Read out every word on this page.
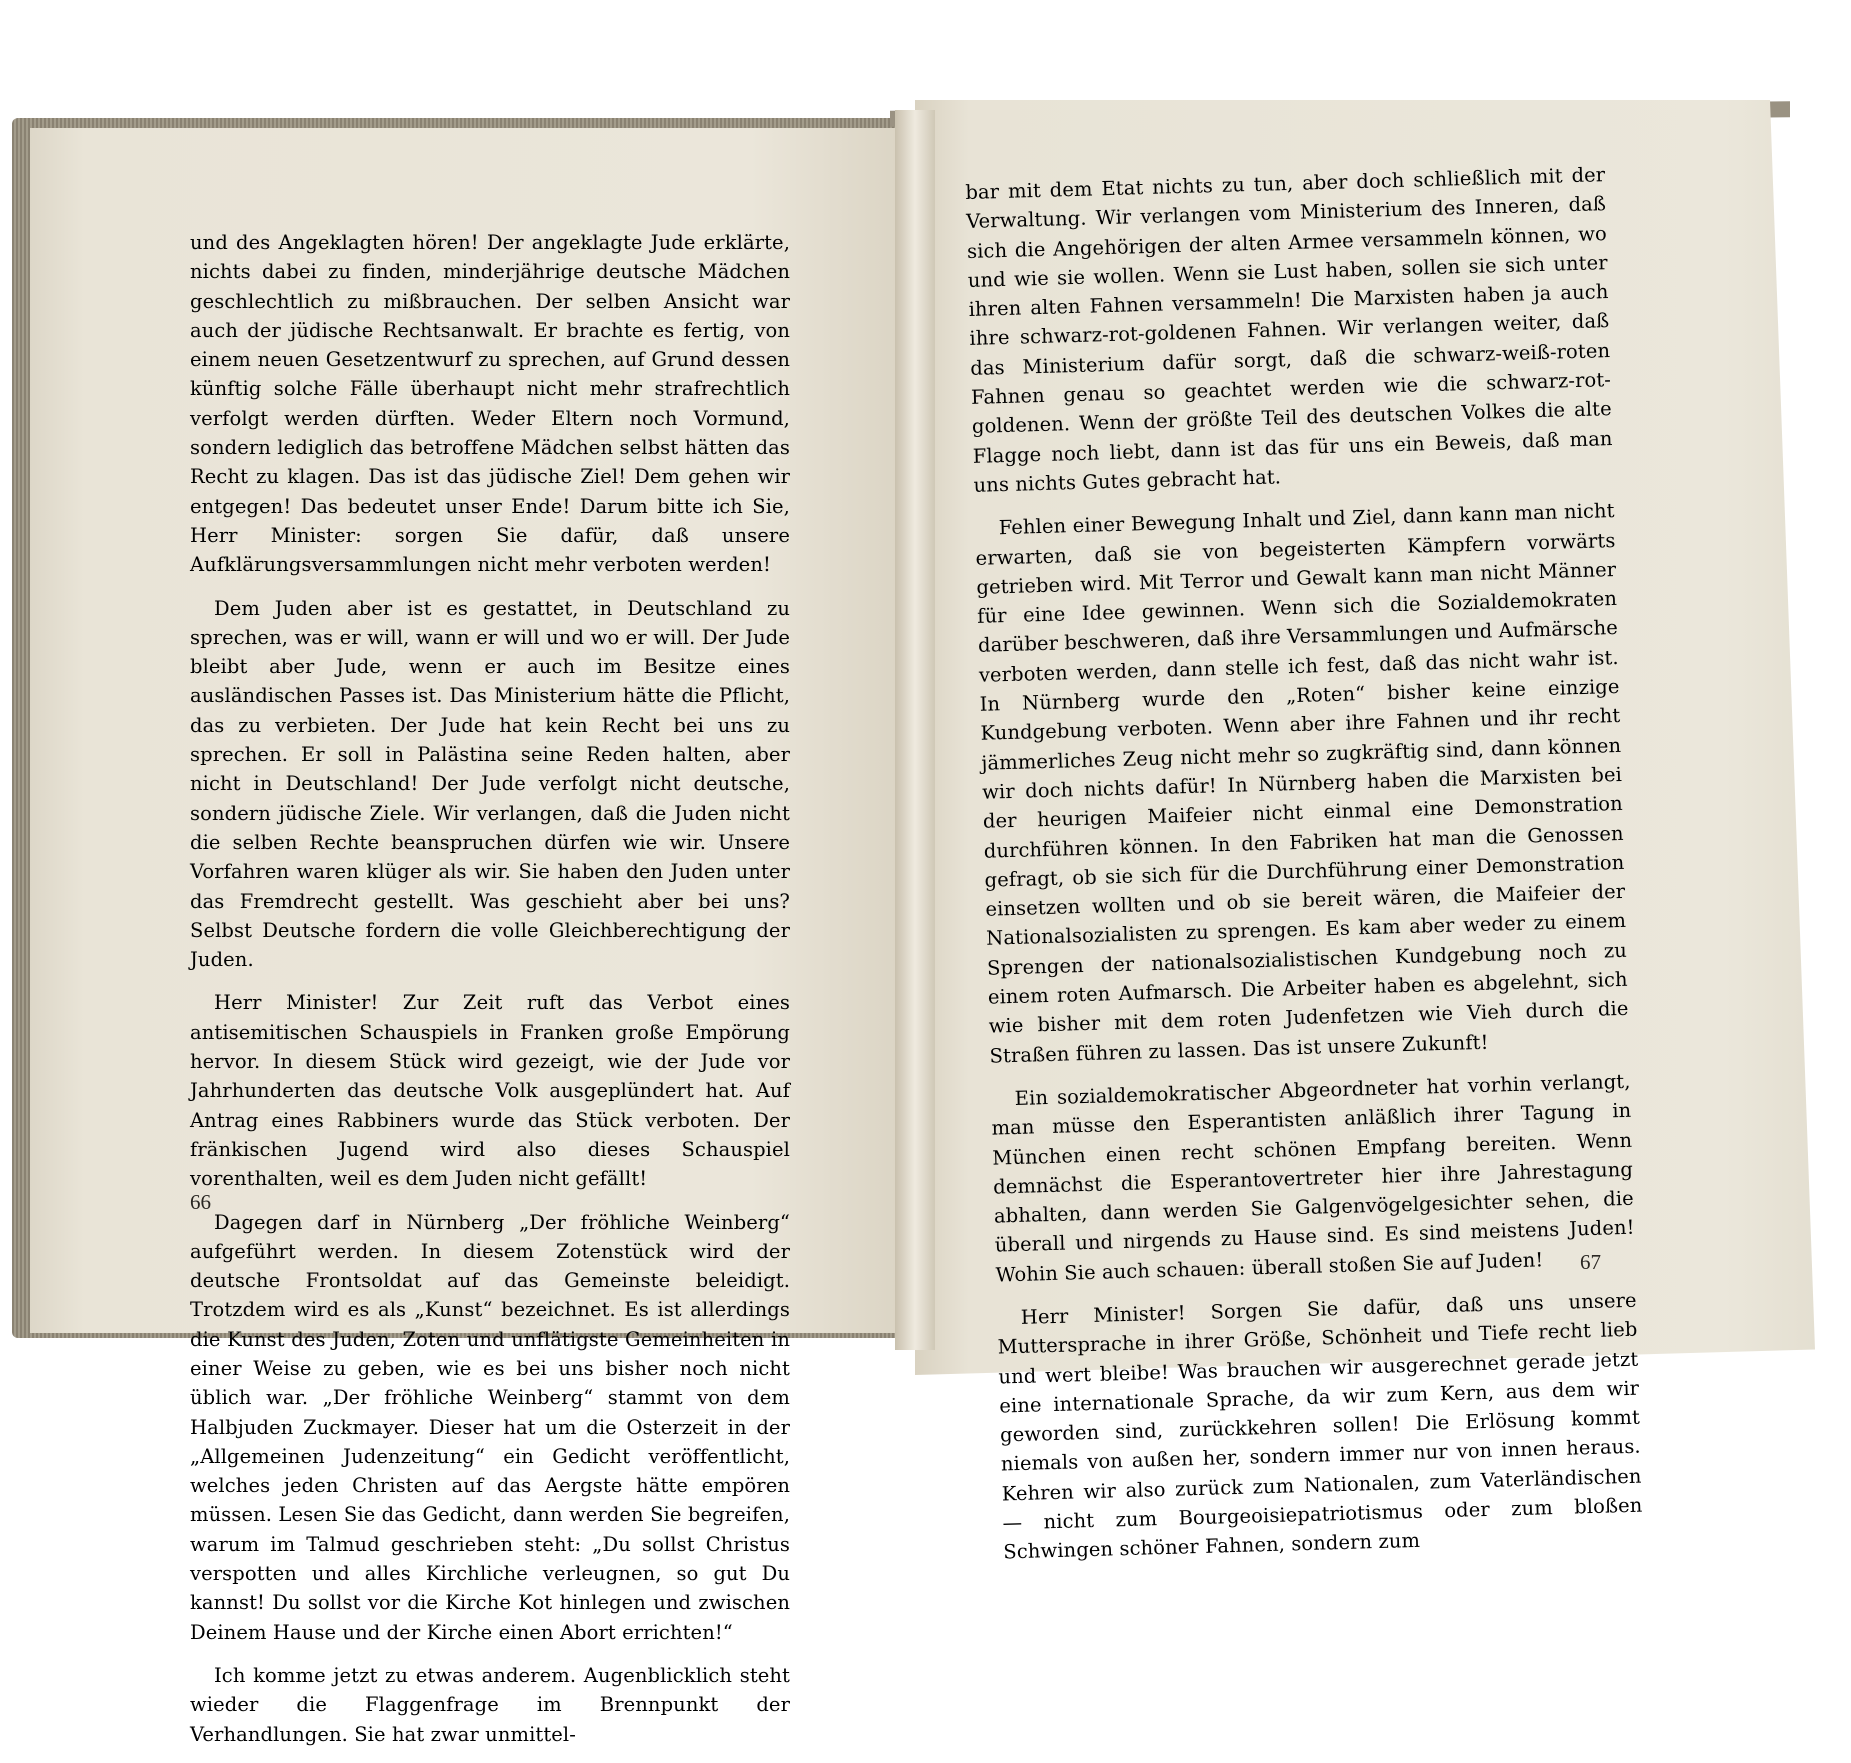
und des Angeklagten hören! Der angeklagte Jude erklärte, nichts dabei zu finden, minderjährige deutsche Mädchen geschlechtlich zu mißbrauchen. Der selben Ansicht war auch der jüdische Rechtsanwalt. Er brachte es fertig, von einem neuen Gesetzentwurf zu sprechen, auf Grund dessen künftig solche Fälle überhaupt nicht mehr strafrechtlich verfolgt werden dürften. Weder Eltern noch Vormund, sondern lediglich das betroffene Mädchen selbst hätten das Recht zu klagen. Das ist das jüdische Ziel! Dem gehen wir entgegen! Das bedeutet unser Ende! Darum bitte ich Sie, Herr Minister: sorgen Sie dafür, daß unsere Aufklärungsversammlungen nicht mehr verboten werden!

Dem Juden aber ist es gestattet, in Deutschland zu sprechen, was er will, wann er will und wo er will. Der Jude bleibt aber Jude, wenn er auch im Besitze eines ausländischen Passes ist. Das Ministerium hätte die Pflicht, das zu verbieten. Der Jude hat kein Recht bei uns zu sprechen. Er soll in Palästina seine Reden halten, aber nicht in Deutschland! Der Jude verfolgt nicht deutsche, sondern jüdische Ziele. Wir verlangen, daß die Juden nicht die selben Rechte beanspruchen dürfen wie wir. Unsere Vorfahren waren klüger als wir. Sie haben den Juden unter das Fremdrecht gestellt. Was geschieht aber bei uns? Selbst Deutsche fordern die volle Gleichberechtigung der Juden.

Herr Minister! Zur Zeit ruft das Verbot eines antisemitischen Schauspiels in Franken große Empörung hervor. In diesem Stück wird gezeigt, wie der Jude vor Jahrhunderten das deutsche Volk ausgeplündert hat. Auf Antrag eines Rabbiners wurde das Stück verboten. Der fränkischen Jugend wird also dieses Schauspiel vorenthalten, weil es dem Juden nicht gefällt!

Dagegen darf in Nürnberg „Der fröhliche Weinberg“ aufgeführt werden. In diesem Zotenstück wird der deutsche Frontsoldat auf das Gemeinste beleidigt. Trotzdem wird es als „Kunst“ bezeichnet. Es ist allerdings die Kunst des Juden, Zoten und unflätigste Gemeinheiten in einer Weise zu geben, wie es bei uns bisher noch nicht üblich war. „Der fröhliche Weinberg“ stammt von dem Halbjuden Zuckmayer. Dieser hat um die Osterzeit in der „Allgemeinen Judenzeitung“ ein Gedicht veröffentlicht, welches jeden Christen auf das Aergste hätte empören müssen. Lesen Sie das Gedicht, dann werden Sie begreifen, warum im Talmud geschrieben steht: „Du sollst Christus verspotten und alles Kirchliche verleugnen, so gut Du kannst! Du sollst vor die Kirche Kot hinlegen und zwischen Deinem Hause und der Kirche einen Abort errichten!“

Ich komme jetzt zu etwas anderem. Augenblicklich steht wieder die Flaggenfrage im Brennpunkt der Verhandlungen. Sie hat zwar unmittel-

66

bar mit dem Etat nichts zu tun, aber doch schließlich mit der Verwaltung. Wir verlangen vom Ministerium des Inneren, daß sich die Angehörigen der alten Armee versammeln können, wo und wie sie wollen. Wenn sie Lust haben, sollen sie sich unter ihren alten Fahnen versammeln! Die Marxisten haben ja auch ihre schwarz-rot-goldenen Fahnen. Wir verlangen weiter, daß das Ministerium dafür sorgt, daß die schwarz-weiß-roten Fahnen genau so geachtet werden wie die schwarz-rot-goldenen. Wenn der größte Teil des deutschen Volkes die alte Flagge noch liebt, dann ist das für uns ein Beweis, daß man uns nichts Gutes gebracht hat.

Fehlen einer Bewegung Inhalt und Ziel, dann kann man nicht erwarten, daß sie von begeisterten Kämpfern vorwärts getrieben wird. Mit Terror und Gewalt kann man nicht Männer für eine Idee gewinnen. Wenn sich die Sozialdemokraten darüber beschweren, daß ihre Versammlungen und Aufmärsche verboten werden, dann stelle ich fest, daß das nicht wahr ist. In Nürnberg wurde den „Roten“ bisher keine einzige Kundgebung verboten. Wenn aber ihre Fahnen und ihr recht jämmerliches Zeug nicht mehr so zugkräftig sind, dann können wir doch nichts dafür! In Nürnberg haben die Marxisten bei der heurigen Maifeier nicht einmal eine Demonstration durchführen können. In den Fabriken hat man die Genossen gefragt, ob sie sich für die Durchführung einer Demonstration einsetzen wollten und ob sie bereit wären, die Maifeier der Nationalsozialisten zu sprengen. Es kam aber weder zu einem Sprengen der nationalsozialistischen Kundgebung noch zu einem roten Aufmarsch. Die Arbeiter haben es abgelehnt, sich wie bisher mit dem roten Judenfetzen wie Vieh durch die Straßen führen zu lassen. Das ist unsere Zukunft!

Ein sozialdemokratischer Abgeordneter hat vorhin verlangt, man müsse den Esperantisten anläßlich ihrer Tagung in München einen recht schönen Empfang bereiten. Wenn demnächst die Esperantovertreter hier ihre Jahrestagung abhalten, dann werden Sie Galgenvögelgesichter sehen, die überall und nirgends zu Hause sind. Es sind meistens Juden! Wohin Sie auch schauen: überall stoßen Sie auf Juden!

Herr Minister! Sorgen Sie dafür, daß uns unsere Muttersprache in ihrer Größe, Schönheit und Tiefe recht lieb und wert bleibe! Was brauchen wir ausgerechnet gerade jetzt eine internationale Sprache, da wir zum Kern, aus dem wir geworden sind, zurückkehren sollen! Die Erlösung kommt niemals von außen her, sondern immer nur von innen heraus. Kehren wir also zurück zum Nationalen, zum Vaterländischen — nicht zum Bourgeoisiepatriotismus oder zum bloßen Schwingen schöner Fahnen, sondern zum

67
